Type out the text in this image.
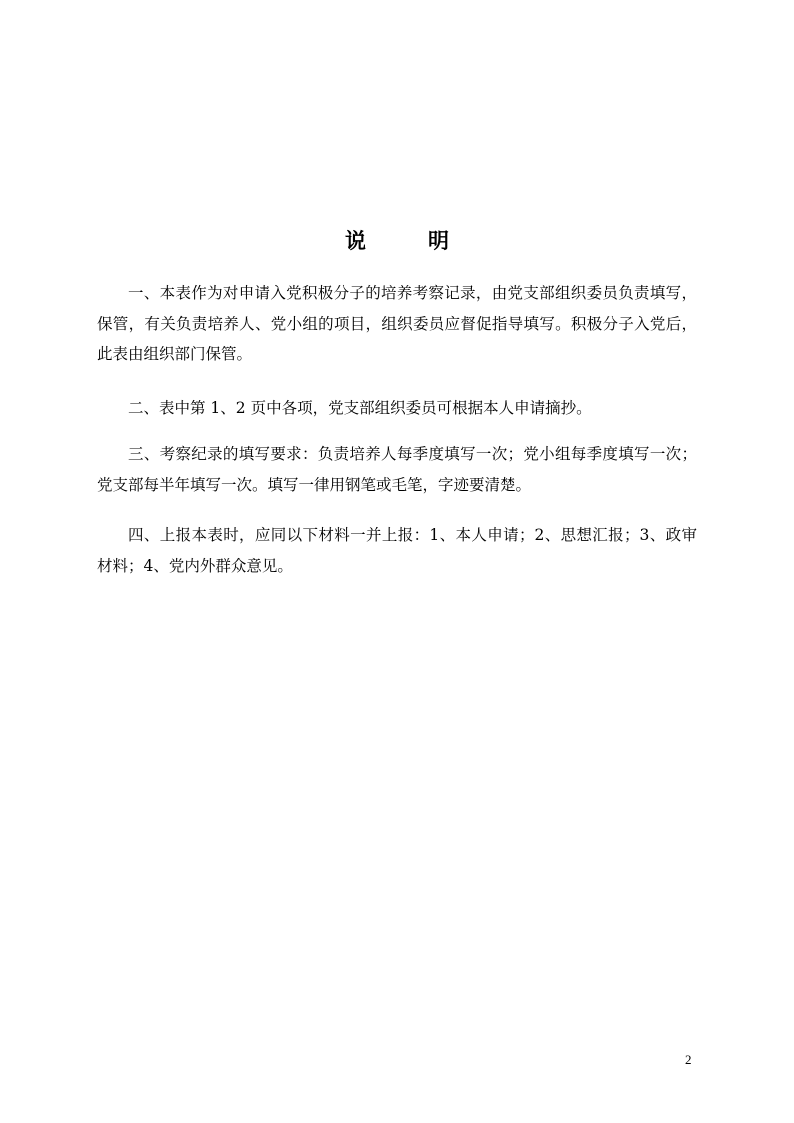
说	明

一、本表作为对申请入党积极分子的培养考察记录，由党支部组织委员负责填写，保管，有关负责培养人、党小组的项目，组织委员应督促指导填写。积极分子入党后，此表由组织部门保管。

二、表中第 1、2 页中各项，党支部组织委员可根据本人申请摘抄。

三、考察纪录的填写要求：负责培养人每季度填写一次；党小组每季度填写一次；党支部每半年填写一次。填写一律用钢笔或毛笔，字迹要清楚。

四、上报本表时，应同以下材料一并上报：1、本人申请；2、思想汇报；3、政审材料；4、党内外群众意见。

2
